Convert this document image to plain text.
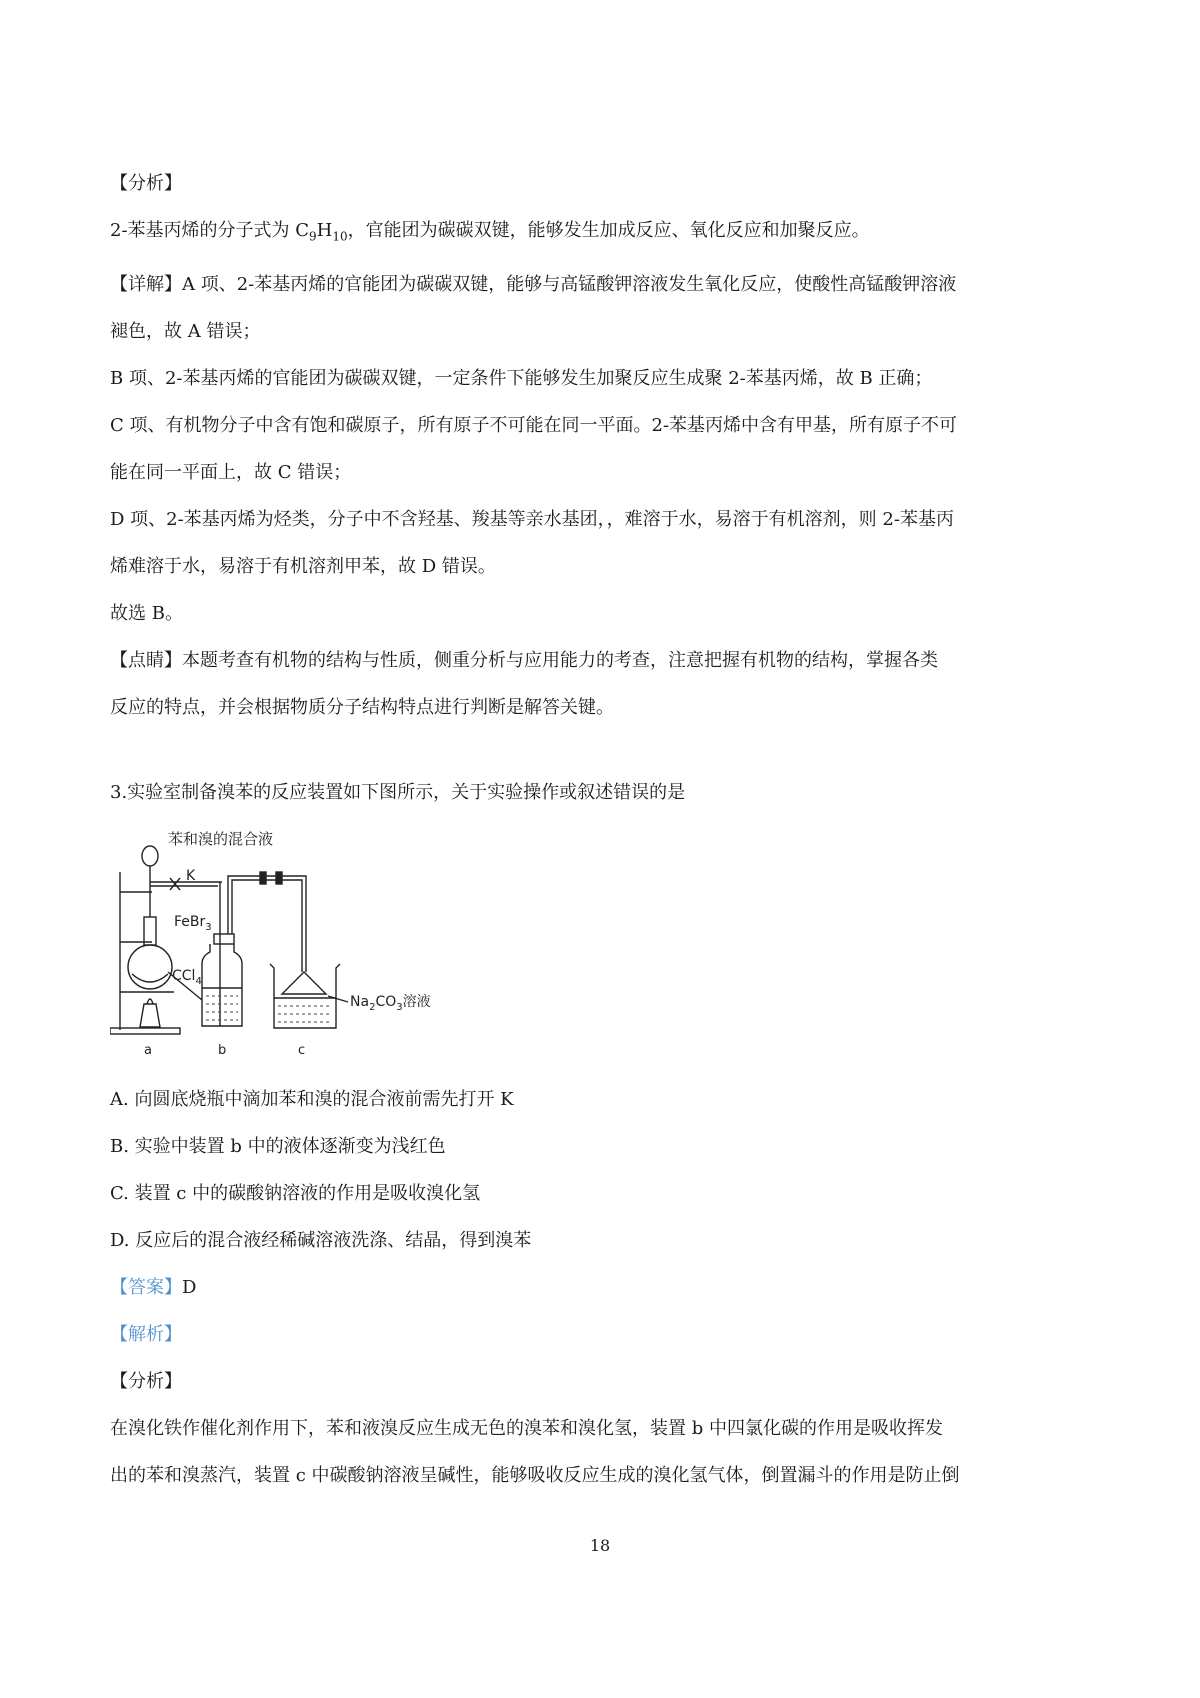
【分析】

2-苯基丙烯的分子式为 $C_9H_{10}$，官能团为碳碳双键，能够发生加成反应、氧化反应和加聚反应。

【详解】A 项、2-苯基丙烯的官能团为碳碳双键，能够与高锰酸钾溶液发生氧化反应，使酸性高锰酸钾溶液

褪色，故 A 错误；

B 项、2-苯基丙烯的官能团为碳碳双键，一定条件下能够发生加聚反应生成聚 2-苯基丙烯，故 B 正确；

C 项、有机物分子中含有饱和碳原子，所有原子不可能在同一平面。2-苯基丙烯中含有甲基，所有原子不可

能在同一平面上，故 C 错误；

D 项、2-苯基丙烯为烃类，分子中不含羟基、羧基等亲水基团，，难溶于水，易溶于有机溶剂，则 2-苯基丙

烯难溶于水，易溶于有机溶剂甲苯，故 D 错误。

故选 B。

【点睛】本题考查有机物的结构与性质，侧重分析与应用能力的考查，注意把握有机物的结构，掌握各类

反应的特点，并会根据物质分子结构特点进行判断是解答关键。

3.实验室制备溴苯的反应装置如下图所示，关于实验操作或叙述错误的是

苯和溴的混合液
K
FeBr$_3$
CCl$_4$
$Na_2CO_3$溶液
a	b	c

A. 向圆底烧瓶中滴加苯和溴的混合液前需先打开 K

B. 实验中装置 b 中的液体逐渐变为浅红色

C. 装置 c 中的碳酸钠溶液的作用是吸收溴化氢

D. 反应后的混合液经稀碱溶液洗涤、结晶，得到溴苯

【答案】D

【解析】

【分析】

在溴化铁作催化剂作用下，苯和液溴反应生成无色的溴苯和溴化氢，装置 b 中四氯化碳的作用是吸收挥发

出的苯和溴蒸汽，装置 c 中碳酸钠溶液呈碱性，能够吸收反应生成的溴化氢气体，倒置漏斗的作用是防止倒

18
